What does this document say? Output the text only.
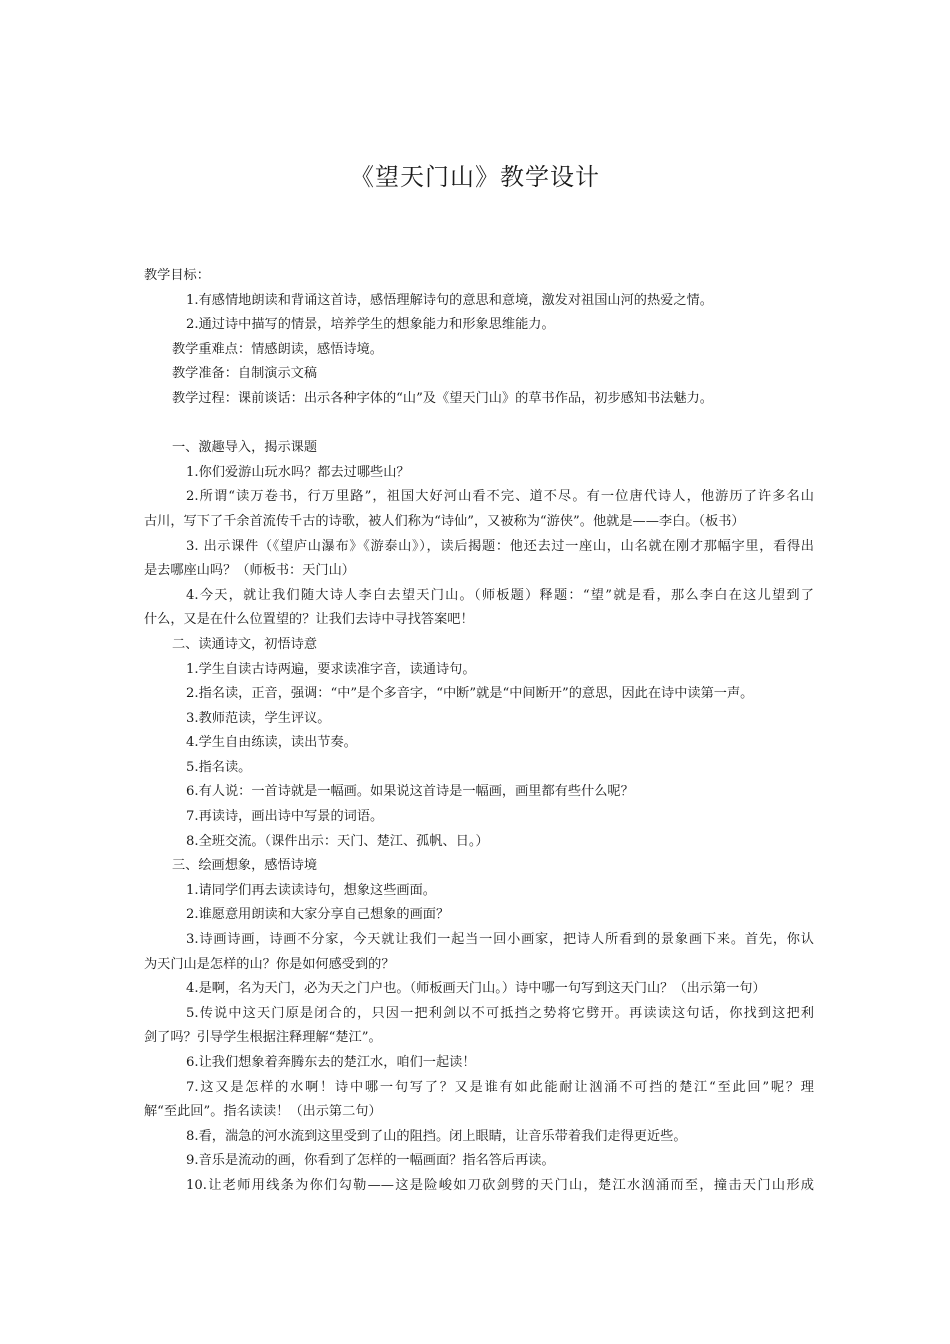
《望天门山》教学设计
教学目标：
1.有感情地朗读和背诵这首诗，感悟理解诗句的意思和意境，激发对祖国山河的热爱之情。
2.通过诗中描写的情景，培养学生的想象能力和形象思维能力。
教学重难点：情感朗读，感悟诗境。
教学准备：自制演示文稿
教学过程：课前谈话：出示各种字体的“山”及《望天门山》的草书作品，初步感知书法魅力。
一、激趣导入，揭示课题
1.你们爱游山玩水吗？都去过哪些山？
2.所谓“读万卷书，行万里路”，祖国大好河山看不完、道不尽。有一位唐代诗人，他游历了许多名山
古川，写下了千余首流传千古的诗歌，被人们称为“诗仙”，又被称为“游侠”。他就是——李白。（板书）
3. 出示课件（《望庐山瀑布》《游泰山》），读后揭题：他还去过一座山，山名就在刚才那幅字里，看得出
是去哪座山吗？（师板书：天门山）
4.今天，就让我们随大诗人李白去望天门山。（师板题）释题：“望”就是看，那么李白在这儿望到了
什么，又是在什么位置望的？让我们去诗中寻找答案吧！
二、读通诗文，初悟诗意
1.学生自读古诗两遍，要求读准字音，读通诗句。
2.指名读，正音，强调：“中”是个多音字，“中断”就是“中间断开”的意思，因此在诗中读第一声。
3.教师范读，学生评议。
4.学生自由练读，读出节奏。
5.指名读。
6.有人说：一首诗就是一幅画。如果说这首诗是一幅画，画里都有些什么呢？
7.再读诗，画出诗中写景的词语。
8.全班交流。（课件出示：天门、楚江、孤帆、日。）
三、绘画想象，感悟诗境
1.请同学们再去读读诗句，想象这些画面。
2.谁愿意用朗读和大家分享自己想象的画面？
3.诗画诗画，诗画不分家，今天就让我们一起当一回小画家，把诗人所看到的景象画下来。首先，你认
为天门山是怎样的山？你是如何感受到的？
4.是啊，名为天门，必为天之门户也。（师板画天门山。）诗中哪一句写到这天门山？（出示第一句）
5.传说中这天门原是闭合的，只因一把利剑以不可抵挡之势将它劈开。再读读这句话，你找到这把利
剑了吗？引导学生根据注释理解“楚江”。
6.让我们想象着奔腾东去的楚江水，咱们一起读！
7.这又是怎样的水啊！诗中哪一句写了？又是谁有如此能耐让汹涌不可挡的楚江“至此回”呢？理
解“至此回”。指名读读！（出示第二句）
8.看，湍急的河水流到这里受到了山的阻挡。闭上眼睛，让音乐带着我们走得更近些。
9.音乐是流动的画，你看到了怎样的一幅画面？指名答后再读。
10.让老师用线条为你们勾勒——这是险峻如刀砍剑劈的天门山，楚江水汹涌而至，撞击天门山形成
